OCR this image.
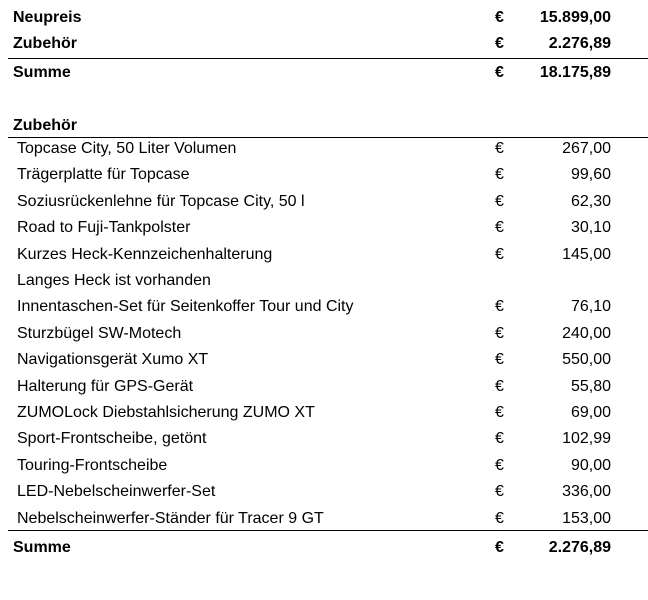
Neupreis	€ 15.899,00
Zubehör	€	2.276,89
Summe	€ 18.175,89
Zubehör
Topcase City, 50 Liter Volumen	€	267,00
Trägerplatte für Topcase	€	99,60
Soziusrückenlehne für Topcase City, 50 l	€	62,30
Road to Fuji-Tankpolster	€	30,10
Kurzes Heck-Kennzeichenhalterung	€	145,00
Langes Heck ist vorhanden
Innentaschen-Set für Seitenkoffer Tour und City	€	76,10
Sturzbügel SW-Motech	€	240,00
Navigationsgerät Xumo XT	€	550,00
Halterung für GPS-Gerät	€	55,80
ZUMOLock Diebstahlsicherung ZUMO XT	€	69,00
Sport-Frontscheibe, getönt	€	102,99
Touring-Frontscheibe	€	90,00
LED-Nebelscheinwerfer-Set	€	336,00
Nebelscheinwerfer-Ständer für Tracer 9 GT	€	153,00
Summe	€	2.276,89
